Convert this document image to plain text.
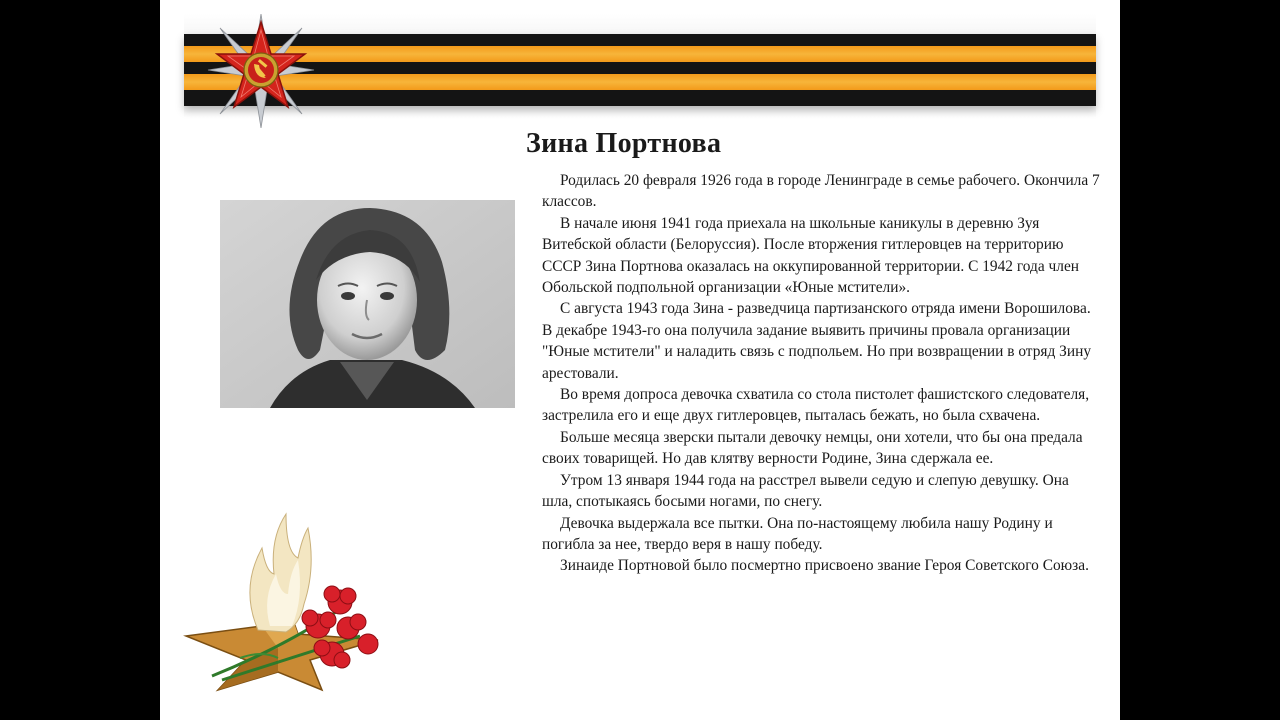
Зина Портнова

Родилась 20 февраля 1926 года в городе Ленинграде в семье рабочего. Окончила 7 классов.

В начале июня 1941 года приехала на школьные каникулы в деревню Зуя Витебской области (Белоруссия). После вторжения гитлеровцев на территорию СССР Зина Портнова оказалась на оккупированной территории. С 1942 года член Обольской подпольной организации «Юные мстители».

С августа 1943 года Зина - разведчица партизанского отряда имени Ворошилова. В декабре 1943-го она получила задание выявить причины провала организации "Юные мстители" и наладить связь с подпольем. Но при возвращении в отряд Зину арестовали.

Во время допроса девочка схватила со стола пистолет фашистского следователя, застрелила его и еще двух гитлеровцев, пыталась бежать, но была схвачена.

Больше месяца зверски пытали девочку немцы, они хотели, что бы она предала своих товарищей. Но дав клятву верности Родине, Зина сдержала ее.

Утром 13 января 1944 года на расстрел вывели седую и слепую девушку. Она шла, спотыкаясь босыми ногами, по снегу.

Девочка выдержала все пытки. Она по-настоящему любила нашу Родину и погибла за нее, твердо веря в нашу победу.

Зинаиде Портновой было посмертно присвоено звание Героя Советского Союза.
